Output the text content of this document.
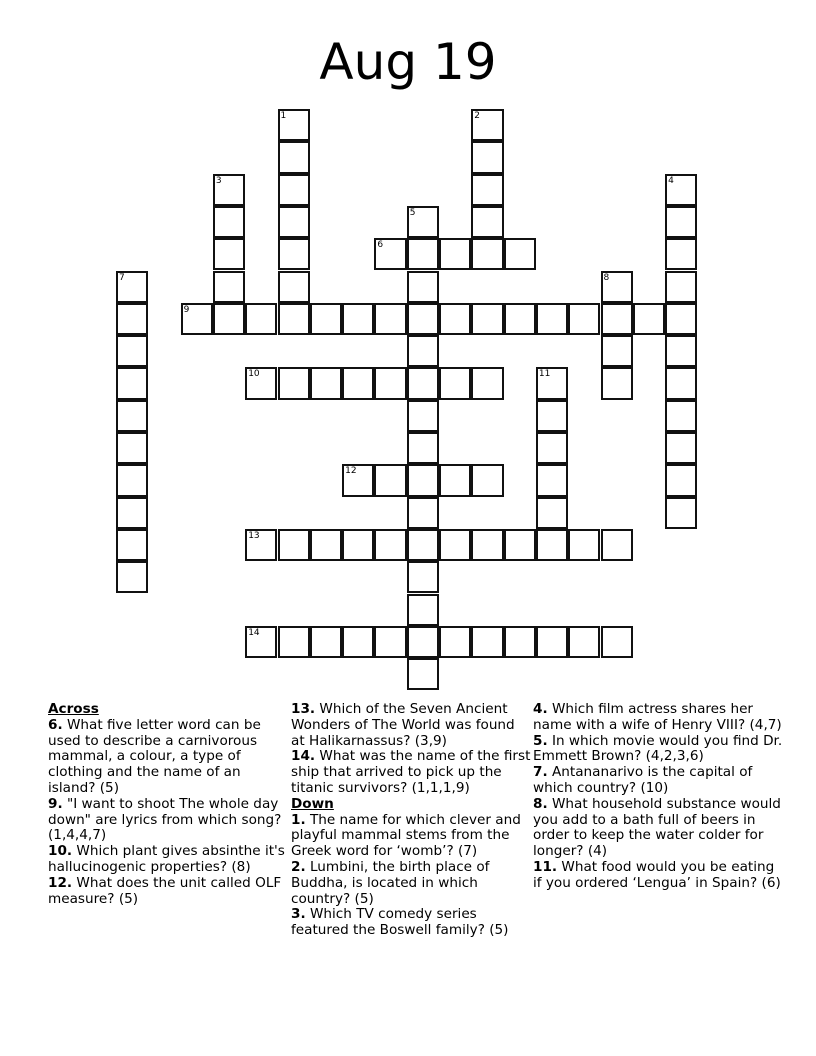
Aug 19
1	2
3	4
5
6
7	8
9
10	11
12
13
14
Across
6. What five letter word can be used to describe a carnivorous mammal, a colour, a type of clothing and the name of an island? (5)
9. "I want to shoot The whole day down" are lyrics from which song? (1,4,4,7)
10. Which plant gives absinthe it's hallucinogenic properties? (8)
12. What does the unit called OLF measure? (5)
13. Which of the Seven Ancient Wonders of The World was found at Halikarnassus? (3,9)
14. What was the name of the first ship that arrived to pick up the titanic survivors? (1,1,1,9)
Down
1. The name for which clever and playful mammal stems from the Greek word for ‘womb’? (7)
2. Lumbini, the birth place of Buddha, is located in which country? (5)
3. Which TV comedy series featured the Boswell family? (5)
4. Which film actress shares her name with a wife of Henry VIII? (4,7)
5. In which movie would you find Dr. Emmett Brown? (4,2,3,6)
7. Antananarivo is the capital of which country? (10)
8. What household substance would you add to a bath full of beers in order to keep the water colder for longer? (4)
11. What food would you be eating if you ordered ‘Lengua’ in Spain? (6)
